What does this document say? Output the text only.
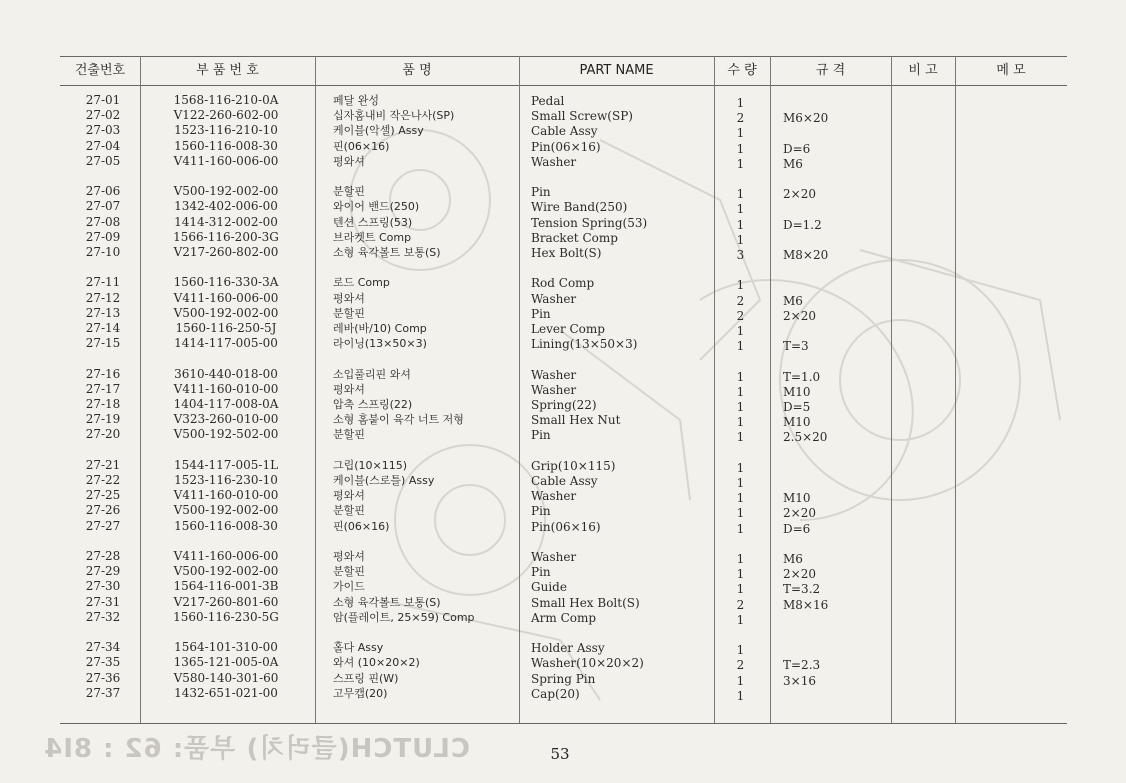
CLUTCH(클러치) 부품: 62 : 8I4
건출번호	부 품 번 호	품 명	PART NAME	수 량	규 격	비 고	메 모
27-01	1568-116-210-0A	페달 완성	Pedal	1
27-02	V122-260-602-00	십자홈내비 작은나사(SP)	Small Screw(SP)	2	M6×20
27-03	1523-116-210-10	케이블(악셀) Assy	Cable Assy	1
27-04	1560-116-008-30	핀(06×16)	Pin(06×16)	1	D=6
27-05	V411-160-006-00	평와셔	Washer	1	M6
27-06	V500-192-002-00	분할핀	Pin	1	2×20
27-07	1342-402-006-00	와이어 밴드(250)	Wire Band(250)	1
27-08	1414-312-002-00	텐션 스프링(53)	Tension Spring(53)	1	D=1.2
27-09	1566-116-200-3G	브라켓트 Comp	Bracket Comp	1
27-10	V217-260-802-00	소형 육각볼트 보통(S)	Hex Bolt(S)	3	M8×20
27-11	1560-116-330-3A	로드 Comp	Rod Comp	1
27-12	V411-160-006-00	평와셔	Washer	2	M6
27-13	V500-192-002-00	분할핀	Pin	2	2×20
27-14	1560-116-250-5J	레바(바/10) Comp	Lever Comp	1
27-15	1414-117-005-00	라이닝(13×50×3)	Lining(13×50×3)	1	T=3
27-16	3610-440-018-00	소입풀리핀 와셔	Washer	1	T=1.0
27-17	V411-160-010-00	평와셔	Washer	1	M10
27-18	1404-117-008-0A	압축 스프링(22)	Spring(22)	1	D=5
27-19	V323-260-010-00	소형 홈붙이 육각 너트 저형	Small Hex Nut	1	M10
27-20	V500-192-502-00	분할핀	Pin	1	2.5×20
27-21	1544-117-005-1L	그립(10×115)	Grip(10×115)	1
27-22	1523-116-230-10	케이블(스로틀) Assy	Cable Assy	1
27-25	V411-160-010-00	평와셔	Washer	1	M10
27-26	V500-192-002-00	분할핀	Pin	1	2×20
27-27	1560-116-008-30	핀(06×16)	Pin(06×16)	1	D=6
27-28	V411-160-006-00	평와셔	Washer	1	M6
27-29	V500-192-002-00	분할핀	Pin	1	2×20
27-30	1564-116-001-3B	가이드	Guide	1	T=3.2
27-31	V217-260-801-60	소형 육각볼트 보통(S)	Small Hex Bolt(S)	2	M8×16
27-32	1560-116-230-5G	암(플레이트, 25×59) Comp	Arm Comp	1
27-34	1564-101-310-00	홀다 Assy	Holder Assy	1
27-35	1365-121-005-0A	와셔 (10×20×2)	Washer(10×20×2)	2	T=2.3
27-36	V580-140-301-60	스프링 핀(W)	Spring Pin	1	3×16
27-37	1432-651-021-00	고무캡(20)	Cap(20)	1
53
